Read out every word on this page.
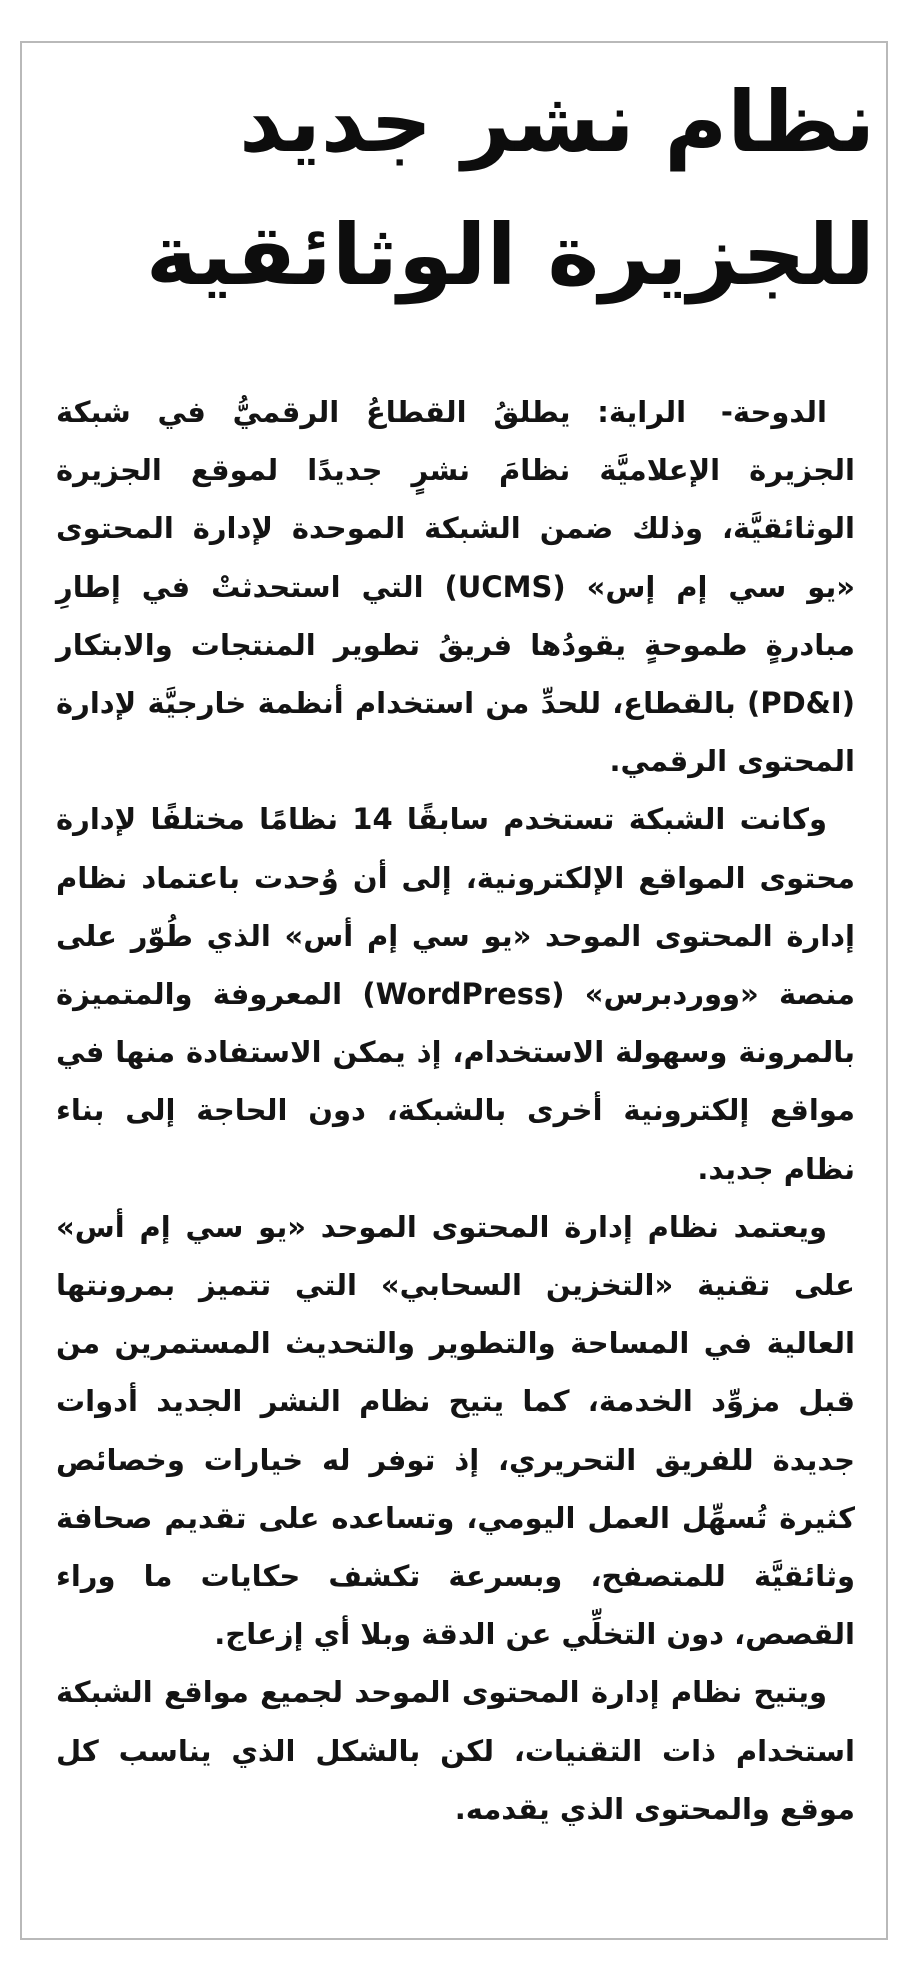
نظام نشر جديد
للجزيرة الوثائقية

الدوحة- الراية: يطلقُ القطاعُ الرقميُّ في شبكة الجزيرة الإعلاميَّة نظامَ نشرٍ جديدًا لموقع الجزيرة الوثائقيَّة، وذلك ضمن الشبكة الموحدة لإدارة المحتوى «يو سي إم إس» (UCMS) التي استحدثتْ في إطارِ مبادرةٍ طموحةٍ يقودُها فريقُ تطوير المنتجات والابتكار (PD&I) بالقطاع، للحدِّ من استخدام أنظمة خارجيَّة لإدارة المحتوى الرقمي.

وكانت الشبكة تستخدم سابقًا 14 نظامًا مختلفًا لإدارة محتوى المواقع الإلكترونية، إلى أن وُحدت باعتماد نظام إدارة المحتوى الموحد «يو سي إم أس» الذي طُوّر على منصة «ووردبرس» (WordPress) المعروفة والمتميزة بالمرونة وسهولة الاستخدام، إذ يمكن الاستفادة منها في مواقع إلكترونية أخرى بالشبكة، دون الحاجة إلى بناء نظام جديد.

ويعتمد نظام إدارة المحتوى الموحد «يو سي إم أس» على تقنية «التخزين السحابي» التي تتميز بمرونتها العالية في المساحة والتطوير والتحديث المستمرين من قبل مزوِّد الخدمة، كما يتيح نظام النشر الجديد أدوات جديدة للفريق التحريري، إذ توفر له خيارات وخصائص كثيرة تُسهِّل العمل اليومي، وتساعده على تقديم صحافة وثائقيَّة للمتصفح، وبسرعة تكشف حكايات ما وراء القصص، دون التخلِّي عن الدقة وبلا أي إزعاج.

ويتيح نظام إدارة المحتوى الموحد لجميع مواقع الشبكة استخدام ذات التقنيات، لكن بالشكل الذي يناسب كل موقع والمحتوى الذي يقدمه.
